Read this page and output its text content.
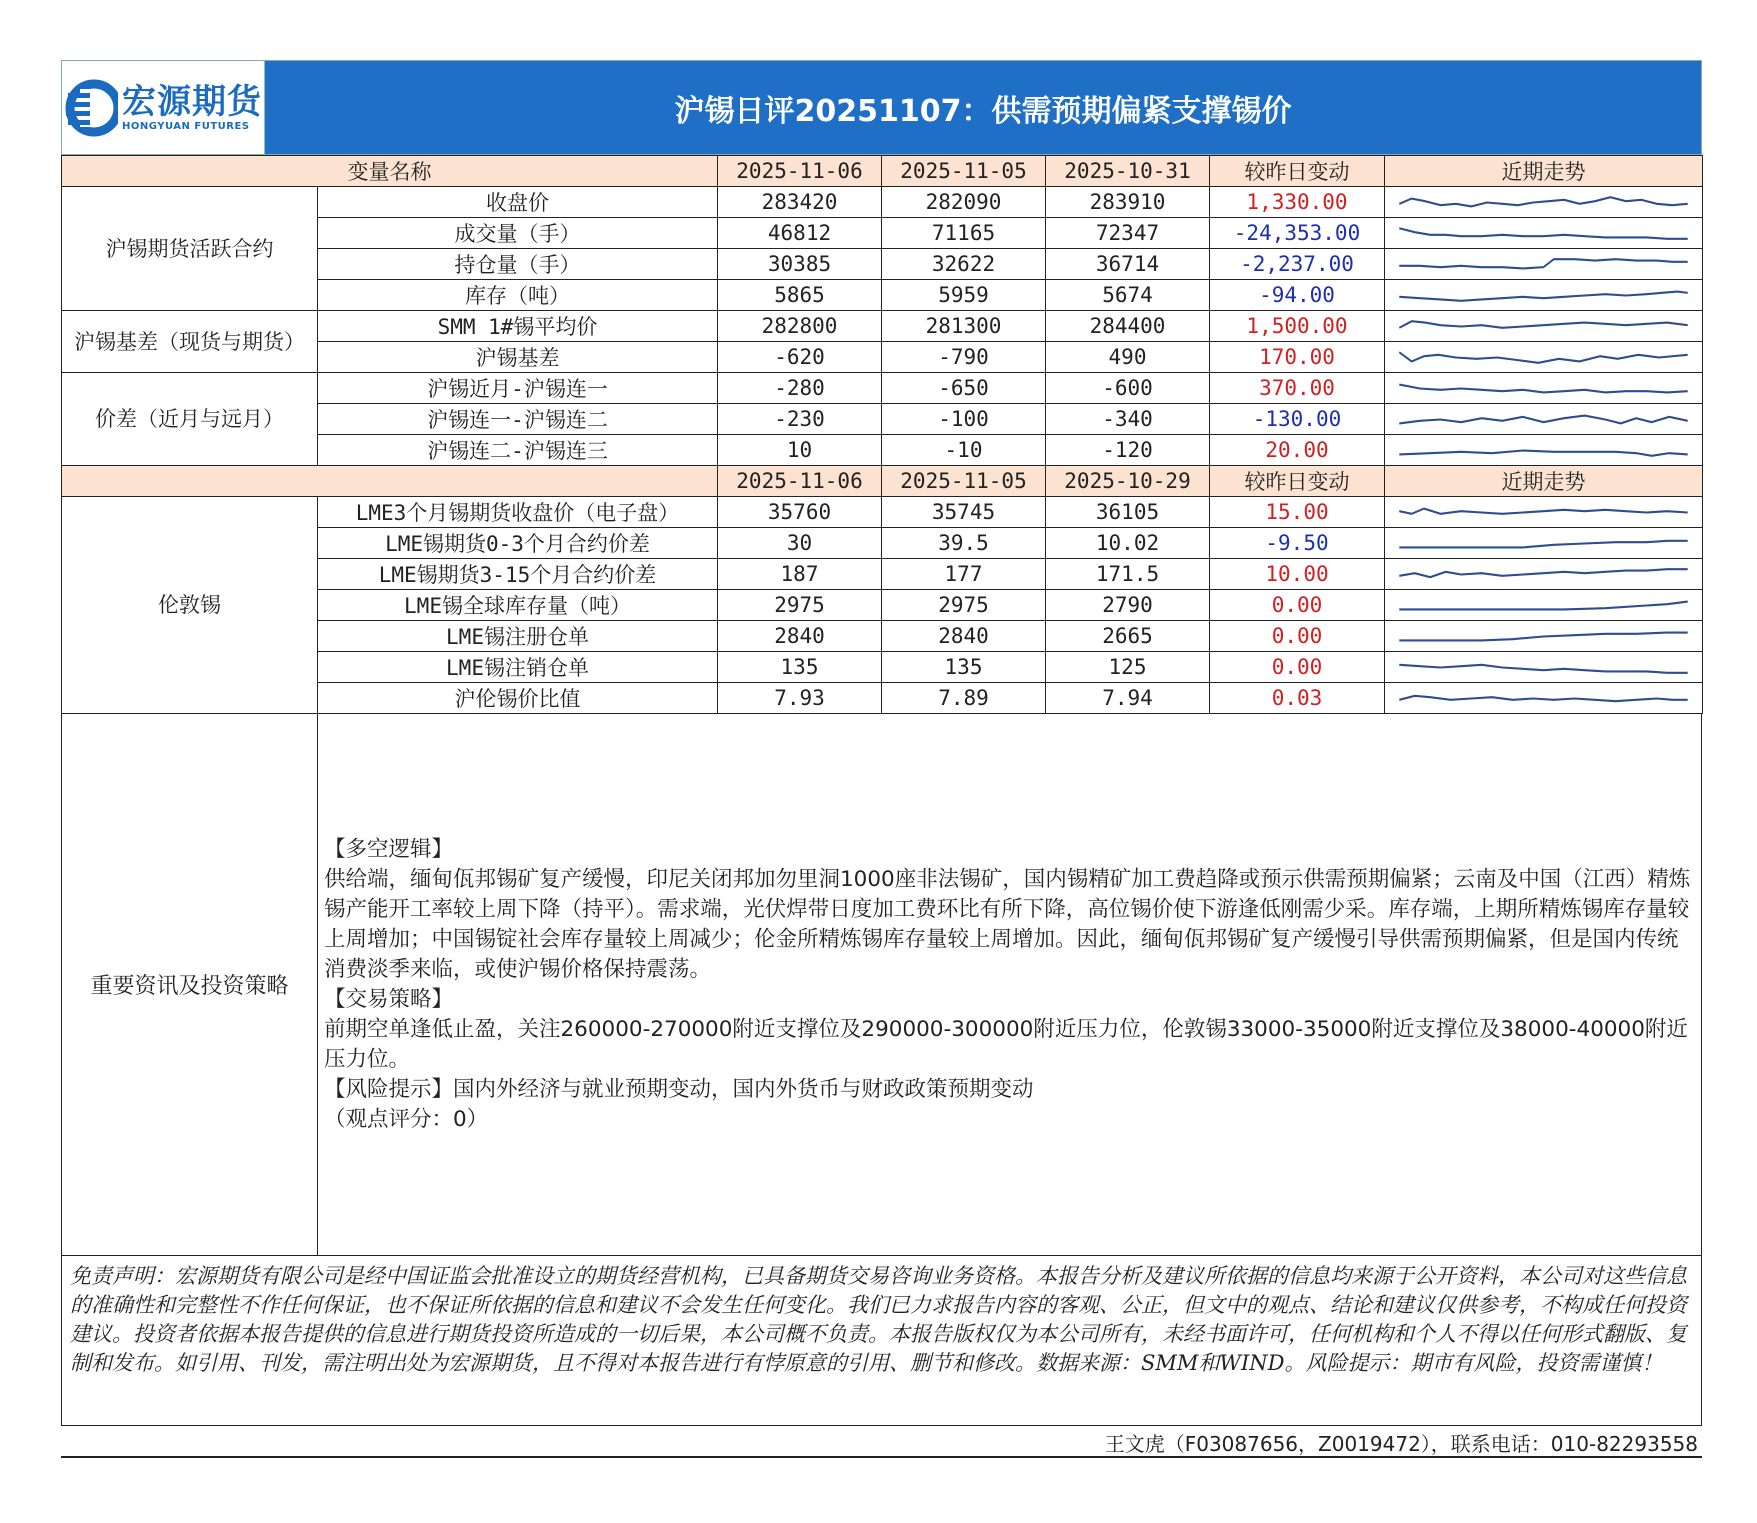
宏源期货
HONGYUAN FUTURES	沪锡日评20251107：供需预期偏紧支撑锡价
变量名称		2025-11-06	2025-11-05	2025-10-31	较昨日变动	近期走势
沪锡期货活跃合约	收盘价	283420	282090	283910	1,330.00	

	成交量（手）	46812	71165	72347	-24,353.00	

	持仓量（手）	30385	32622	36714	-2,237.00	

	库存（吨）	5865	5959	5674	-94.00	

沪锡基差（现货与期货）	SMM 1#锡平均价	282800	281300	284400	1,500.00	

	沪锡基差	-620	-790	490	170.00	

价差（近月与远月）	沪锡近月-沪锡连一	-280	-650	-600	370.00	

	沪锡连一-沪锡连二	-230	-100	-340	-130.00	

	沪锡连二-沪锡连三	10	-10	-120	20.00	

		2025-11-06	2025-11-05	2025-10-29	较昨日变动	近期走势
伦敦锡	LME3个月锡期货收盘价（电子盘）	35760	35745	36105	15.00	

	LME锡期货0-3个月合约价差	30	39.5	10.02	-9.50	

	LME锡期货3-15个月合约价差	187	177	171.5	10.00	

	LME锡全球库存量（吨）	2975	2975	2790	0.00	

	LME锡注册仓单	2840	2840	2665	0.00	

	LME锡注销仓单	135	135	125	0.00	

	沪伦锡价比值	7.93	7.89	7.94	0.03	
重要资讯及投资策略

【多空逻辑】

供给端，缅甸佤邦锡矿复产缓慢，印尼关闭邦加勿里洞1000座非法锡矿，国内锡精矿加工费趋降或预示供需预期偏紧；云南及中国（江西）精炼锡产能开工率较上周下降（持平）。需求端，光伏焊带日度加工费环比有所下降，高位锡价使下游逢低刚需少采。库存端，上期所精炼锡库存量较上周增加；中国锡锭社会库存量较上周减少；伦金所精炼锡库存量较上周增加。因此，缅甸佤邦锡矿复产缓慢引导供需预期偏紧，但是国内传统消费淡季来临，或使沪锡价格保持震荡。

【交易策略】

前期空单逢低止盈，关注260000-270000附近支撑位及290000-300000附近压力位，伦敦锡33000-35000附近支撑位及38000-40000附近压力位。

【风险提示】国内外经济与就业预期变动，国内外货币与财政政策预期变动

（观点评分：0）

免责声明：宏源期货有限公司是经中国证监会批准设立的期货经营机构，已具备期货交易咨询业务资格。本报告分析及建议所依据的信息均来源于公开资料，本公司对这些信息的准确性和完整性不作任何保证，也不保证所依据的信息和建议不会发生任何变化。我们已力求报告内容的客观、公正，但文中的观点、结论和建议仅供参考，不构成任何投资建议。投资者依据本报告提供的信息进行期货投资所造成的一切后果，本公司概不负责。本报告版权仅为本公司所有，未经书面许可，任何机构和个人不得以任何形式翻版、复制和发布。如引用、刊发，需注明出处为宏源期货，且不得对本报告进行有悖原意的引用、删节和修改。数据来源：SMM和WIND。风险提示：期市有风险，投资需谨慎！
王文虎（F03087656，Z0019472），联系电话：010-82293558
